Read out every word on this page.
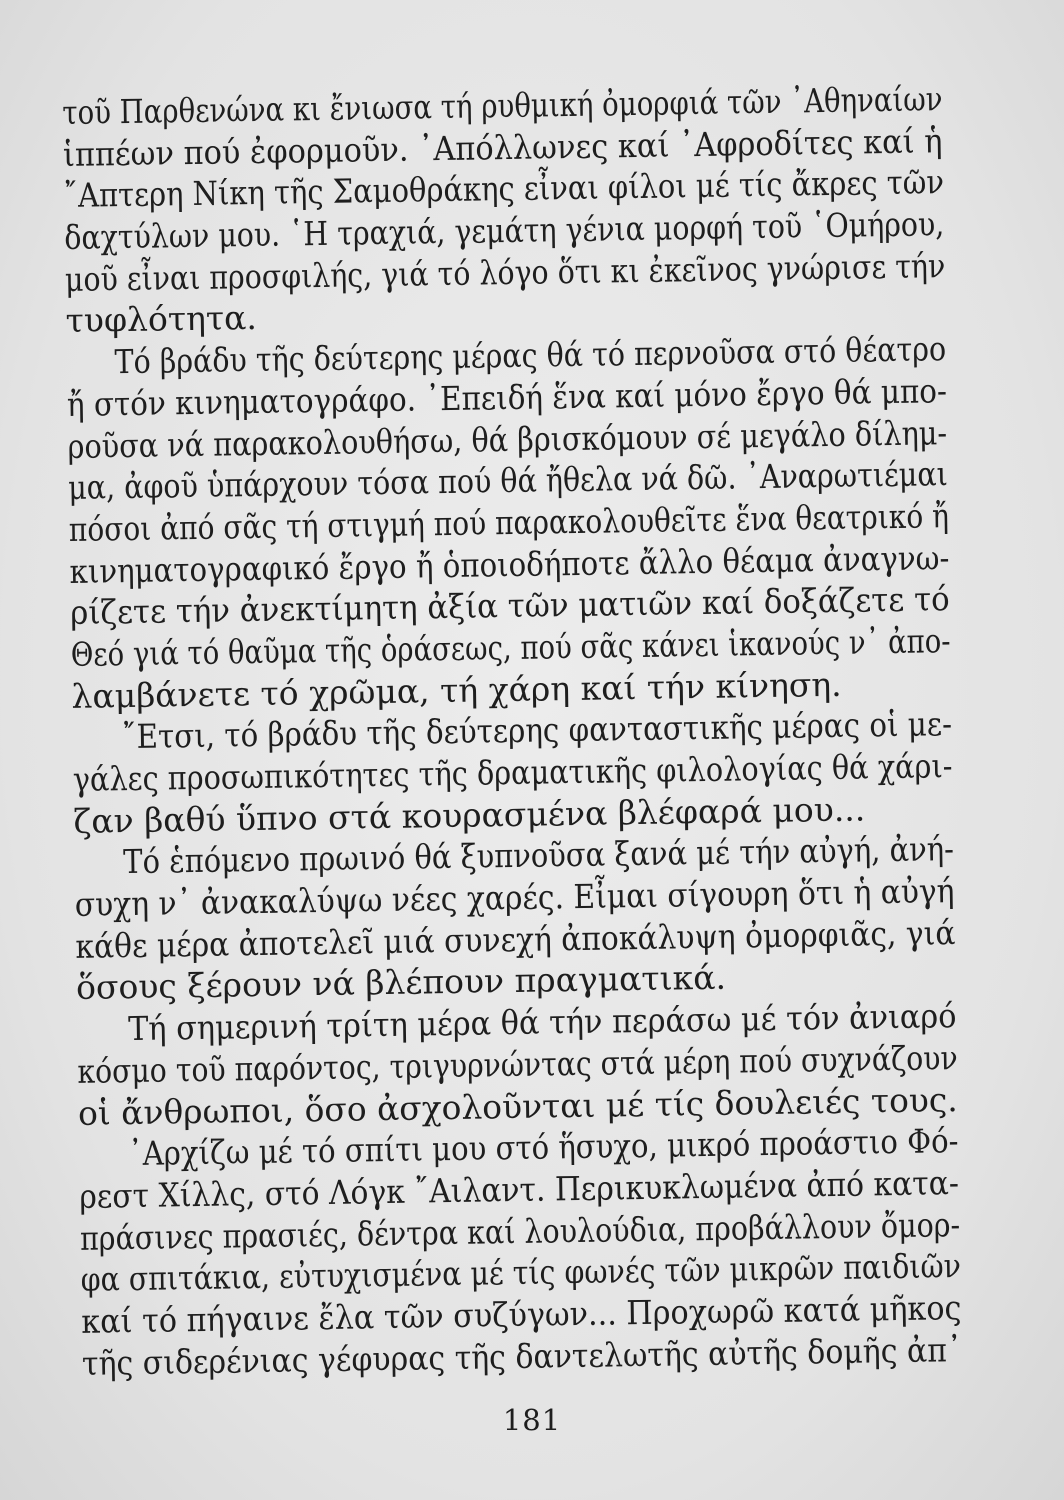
τοῦ Παρθενώνα κι ἔνιωσα τή ρυθμική ὀμορφιά τῶν ᾽Αθηναίων
ἱππέων πού ἐφορμοῦν. ᾽Απόλλωνες καί ᾽Αφροδίτες καί ἡ
῎Απτερη Νίκη τῆς Σαμοθράκης εἶναι φίλοι μέ τίς ἄκρες τῶν
δαχτύλων μου. ῾Η τραχιά, γεμάτη γένια μορφή τοῦ ῾Ομήρου,
μοῦ εἶναι προσφιλής, γιά τό λόγο ὅτι κι ἐκεῖνος γνώρισε τήν
τυφλότητα.
Τό βράδυ τῆς δεύτερης μέρας θά τό περνοῦσα στό θέατρο
ἤ στόν κινηματογράφο. ᾽Επειδή ἕνα καί μόνο ἔργο θά μπο-
ροῦσα νά παρακολουθήσω, θά βρισκόμουν σέ μεγάλο δίλημ-
μα, ἀφοῦ ὑπάρχουν τόσα πού θά ἤθελα νά δῶ. ᾽Αναρωτιέμαι
πόσοι ἀπό σᾶς τή στιγμή πού παρακολουθεῖτε ἕνα θεατρικό ἤ
κινηματογραφικό ἔργο ἤ ὁποιοδήποτε ἄλλο θέαμα ἀναγνω-
ρίζετε τήν ἀνεκτίμητη ἀξία τῶν ματιῶν καί δοξάζετε τό
Θεό γιά τό θαῦμα τῆς ὁράσεως, πού σᾶς κάνει ἱκανούς ν᾽ ἀπο-
λαμβάνετε τό χρῶμα, τή χάρη καί τήν κίνηση.
῎Ετσι, τό βράδυ τῆς δεύτερης φανταστικῆς μέρας οἱ με-
γάλες προσωπικότητες τῆς δραματικῆς φιλολογίας θά χάρι-
ζαν βαθύ ὕπνο στά κουρασμένα βλέφαρά μου...
Τό ἑπόμενο πρωινό θά ξυπνοῦσα ξανά μέ τήν αὐγή, ἀνή-
συχη ν᾽ ἀνακαλύψω νέες χαρές. Εἶμαι σίγουρη ὅτι ἡ αὐγή
κάθε μέρα ἀποτελεῖ μιά συνεχή ἀποκάλυψη ὀμορφιᾶς, γιά
ὅσους ξέρουν νά βλέπουν πραγματικά.
Τή σημερινή τρίτη μέρα θά τήν περάσω μέ τόν ἀνιαρό
κόσμο τοῦ παρόντος, τριγυρνώντας στά μέρη πού συχνάζουν
οἱ ἄνθρωποι, ὅσο ἀσχολοῦνται μέ τίς δουλειές τους.
᾽Αρχίζω μέ τό σπίτι μου στό ἥσυχο, μικρό προάστιο Φό-
ρεστ Χίλλς, στό Λόγκ ῎Αιλαντ. Περικυκλωμένα ἀπό κατα-
πράσινες πρασιές, δέντρα καί λουλούδια, προβάλλουν ὄμορ-
φα σπιτάκια, εὐτυχισμένα μέ τίς φωνές τῶν μικρῶν παιδιῶν
καί τό πήγαινε ἔλα τῶν συζύγων... Προχωρῶ κατά μῆκος
τῆς σιδερένιας γέφυρας τῆς δαντελωτῆς αὐτῆς δομῆς ἀπ᾽
181
